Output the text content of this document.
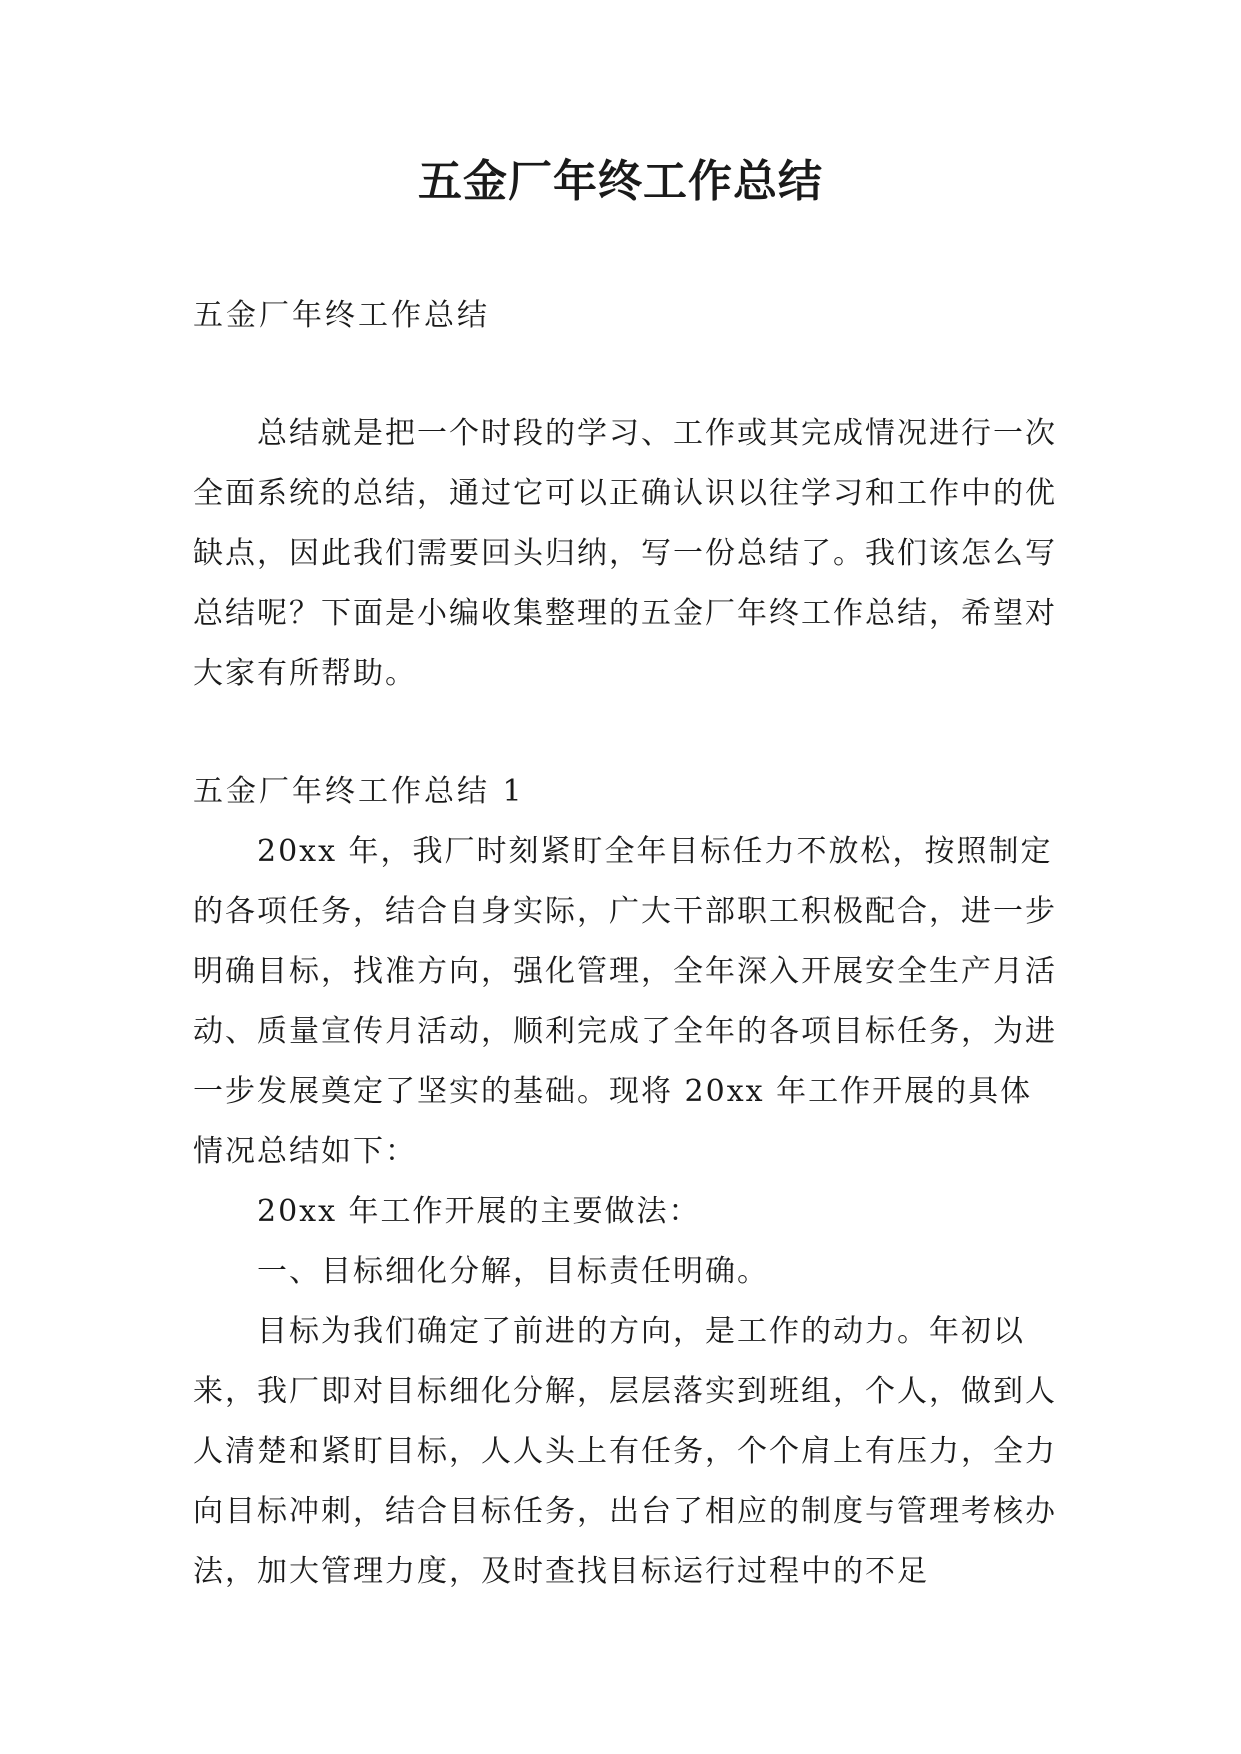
五金厂年终工作总结

五金厂年终工作总结

总结就是把一个时段的学习、工作或其完成情况进行一次全面系统的总结，通过它可以正确认识以往学习和工作中的优缺点，因此我们需要回头归纳，写一份总结了。我们该怎么写总结呢？下面是小编收集整理的五金厂年终工作总结，希望对大家有所帮助。

五金厂年终工作总结 1

20xx 年，我厂时刻紧盯全年目标任力不放松，按照制定的各项任务，结合自身实际，广大干部职工积极配合，进一步明确目标，找准方向，强化管理，全年深入开展安全生产月活动、质量宣传月活动，顺利完成了全年的各项目标任务，为进一步发展奠定了坚实的基础。现将 20xx 年工作开展的具体情况总结如下：

20xx 年工作开展的主要做法：

一、目标细化分解，目标责任明确。

目标为我们确定了前进的方向，是工作的动力。年初以来，我厂即对目标细化分解，层层落实到班组，个人，做到人人清楚和紧盯目标，人人头上有任务，个个肩上有压力，全力向目标冲刺，结合目标任务，出台了相应的制度与管理考核办法，加大管理力度，及时查找目标运行过程中的不足
